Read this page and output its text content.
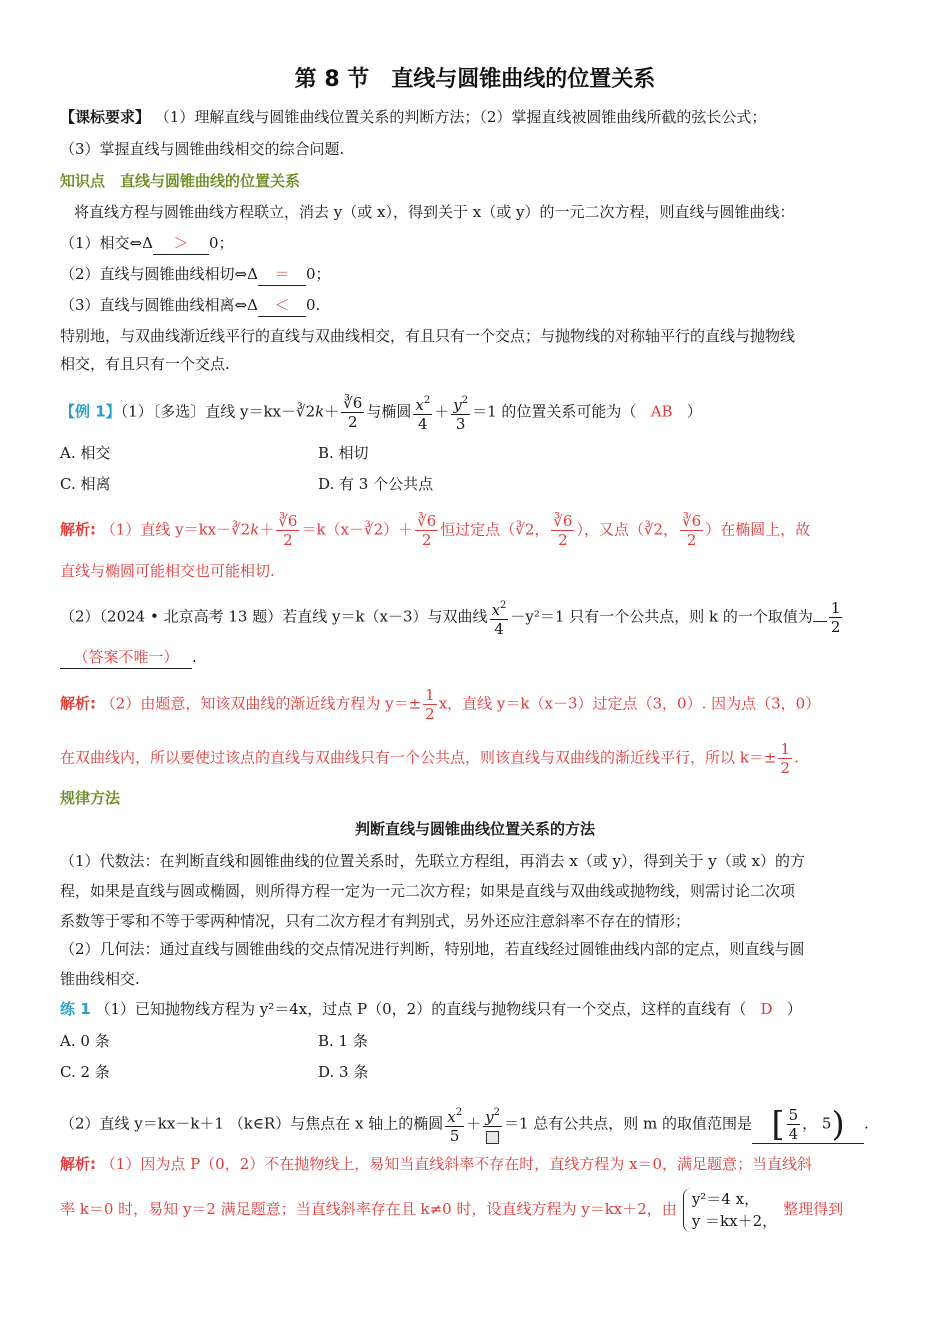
第 8 节　直线与圆锥曲线的位置关系
【课标要求】 （1）理解直线与圆锥曲线位置关系的判断方法；（2）掌握直线被圆锥曲线所截的弦长公式；
（3）掌握直线与圆锥曲线相交的综合问题.
知识点　直线与圆锥曲线的位置关系
将直线方程与圆锥曲线方程联立，消去 y（或 x），得到关于 x（或 y）的一元二次方程，则直线与圆锥曲线：
（1）相交⇔Δ ＞ 0；
（2）直线与圆锥曲线相切⇔Δ ＝ 0；
（3）直线与圆锥曲线相离⇔Δ ＜ 0.
特别地，与双曲线渐近线平行的直线与双曲线相交，有且只有一个交点；与抛物线的对称轴平行的直线与抛物线
相交，有且只有一个交点.
【例 1】（1）〔多选〕直线 y＝kx－∛2k＋ $\frac{∛6}{2}$ 与椭圆 $\frac{x^2}{4} + \frac{y^2}{3} =1$ 的位置关系可能为（ AB ）
A. 相交	B. 相切
C. 相离	D. 有 3 个公共点
解析: （1）直线 y＝kx－∛2k＋ $\frac{∛6}{2}$ ＝k（x－∛2）＋ $\frac{∛6}{2}$ 恒过定点（∛2， $\frac{∛6}{2}$ ），又点（∛2， $\frac{∛6}{2}$ ）在椭圆上，故
直线与椭圆可能相交也可能相切.
（2）（2024 • 北京高考 13 题）若直线 y＝k（x－3）与双曲线 $\frac{x^2}{4} -y^2=1$ 只有一个公共点，则 k 的一个取值为 $\frac{1}{2}$
（答案不唯一） .
解析: （2）由题意，知该双曲线的渐近线方程为 $y=\pm \frac{1}{2}$ x，直线 y＝k（x－3）过定点（3，0）. 因为点（3，0）
在双曲线内，所以要使过该点的直线与双曲线只有一个公共点，则该直线与双曲线的渐近线平行，所以 $k=\pm \frac{1}{2}$ .
规律方法
判断直线与圆锥曲线位置关系的方法
（1）代数法：在判断直线和圆锥曲线的位置关系时，先联立方程组，再消去 x（或 y），得到关于 y（或 x）的方
程，如果是直线与圆或椭圆，则所得方程一定为一元二次方程；如果是直线与双曲线或抛物线，则需讨论二次项
系数等于零和不等于零两种情况，只有二次方程才有判别式，另外还应注意斜率不存在的情形；
（2）几何法：通过直线与圆锥曲线的交点情况进行判断，特别地，若直线经过圆锥曲线内部的定点，则直线与圆
锥曲线相交.
练 1 （1）已知抛物线方程为 y²＝4x，过点 P（0，2）的直线与抛物线只有一个交点，这样的直线有（ D ）
A. 0 条	B. 1 条
C. 2 条	D. 3 条
（2）直线 y＝kx－k＋1 （k∈R）与焦点在 x 轴上的椭圆 $\frac{x^2}{5} + y^2$
＝1 总有公共点，则 m 的取值范围是 [ $\frac{5}{4}$ ， 5) .
解析: （1）因为点 P（0，2）不在抛物线上，易知当直线斜率不存在时，直线方程为 x＝0，满足题意；当直线斜
率 k＝0 时，易知 y＝2 满足题意；当直线斜率存在且 k≠0 时，设直线方程为 y＝kx＋2，由
y²＝4 x，
y ＝kx＋2，
整理得到
